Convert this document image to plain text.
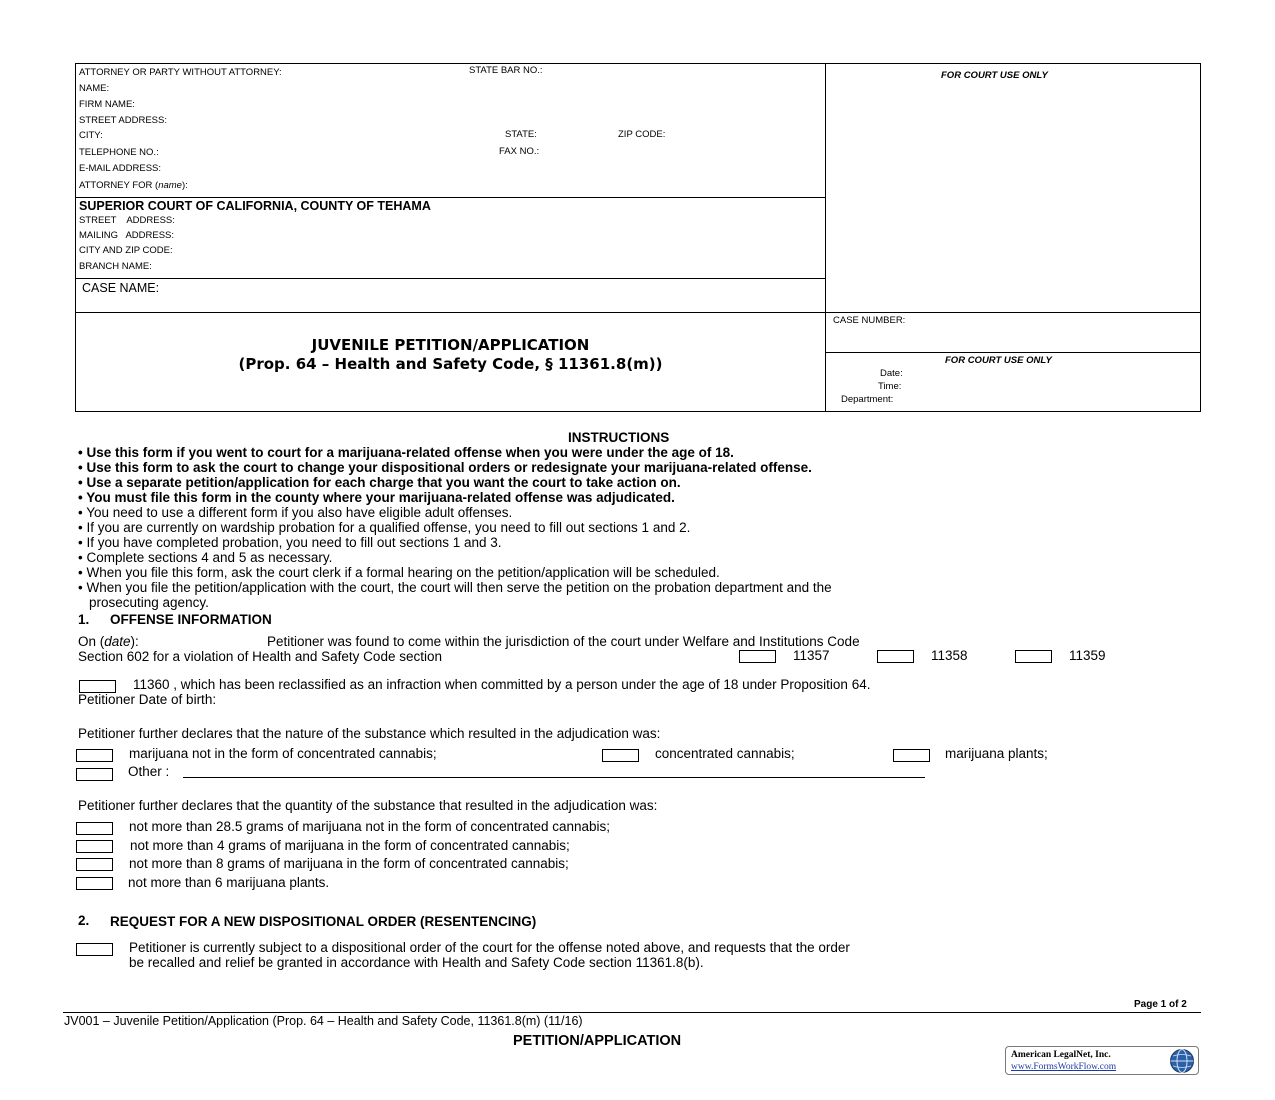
ATTORNEY OR PARTY WITHOUT ATTORNEY:	STATE BAR NO.:
NAME:
FIRM NAME:
STREET ADDRESS:
CITY:	STATE:	ZIP CODE:
TELEPHONE NO.:	FAX NO.:
E-MAIL ADDRESS:
ATTORNEY FOR (name):
FOR COURT USE ONLY
SUPERIOR COURT OF CALIFORNIA, COUNTY OF TEHAMA
STREET    ADDRESS:
MAILING   ADDRESS:
CITY AND ZIP CODE:
BRANCH NAME:
CASE NAME:
JUVENILE PETITION/APPLICATION
(Prop. 64 – Health and Safety Code, § 11361.8(m))
CASE NUMBER:
FOR COURT USE ONLY
Date:
Time:
Department:
INSTRUCTIONS
• Use this form if you went to court for a marijuana-related offense when you were under the age of 18.
• Use this form to ask the court to change your dispositional orders or redesignate your marijuana-related offense.
• Use a separate petition/application for each charge that you want the court to take action on.
• You must file this form in the county where your marijuana-related offense was adjudicated.
• You need to use a different form if you also have eligible adult offenses.
• If you are currently on wardship probation for a qualified offense, you need to fill out sections 1 and 2.
• If you have completed probation, you need to fill out sections 1 and 3.
• Complete sections 4 and 5 as necessary.
• When you file this form, ask the court clerk if a formal hearing on the petition/application will be scheduled.
• When you file the petition/application with the court, the court will then serve the petition on the probation department and the
prosecuting agency.
1. OFFENSE INFORMATION
On (date):	Petitioner was found to come within the jurisdiction of the court under Welfare and Institutions Code
Section 602 for a violation of Health and Safety Code section	11357	11358	11359
11360 , which has been reclassified as an infraction when committed by a person under the age of 18 under Proposition 64.
Petitioner Date of birth:
Petitioner further declares that the nature of the substance which resulted in the adjudication was:
marijuana not in the form of concentrated cannabis;	concentrated cannabis;	marijuana plants;
Other :
Petitioner further declares that the quantity of the substance that resulted in the adjudication was:
not more than 28.5 grams of marijuana not in the form of concentrated cannabis;
not more than 4 grams of marijuana in the form of concentrated cannabis;
not more than 8 grams of marijuana in the form of concentrated cannabis;
not more than 6 marijuana plants.
2. REQUEST FOR A NEW DISPOSITIONAL ORDER (RESENTENCING)
Petitioner is currently subject to a dispositional order of the court for the offense noted above, and requests that the order
be recalled and relief be granted in accordance with Health and Safety Code section 11361.8(b).
Page 1 of 2
JV001 – Juvenile Petition/Application (Prop. 64 – Health and Safety Code, 11361.8(m) (11/16)
PETITION/APPLICATION
American LegalNet, Inc.
www.FormsWorkFlow.com
